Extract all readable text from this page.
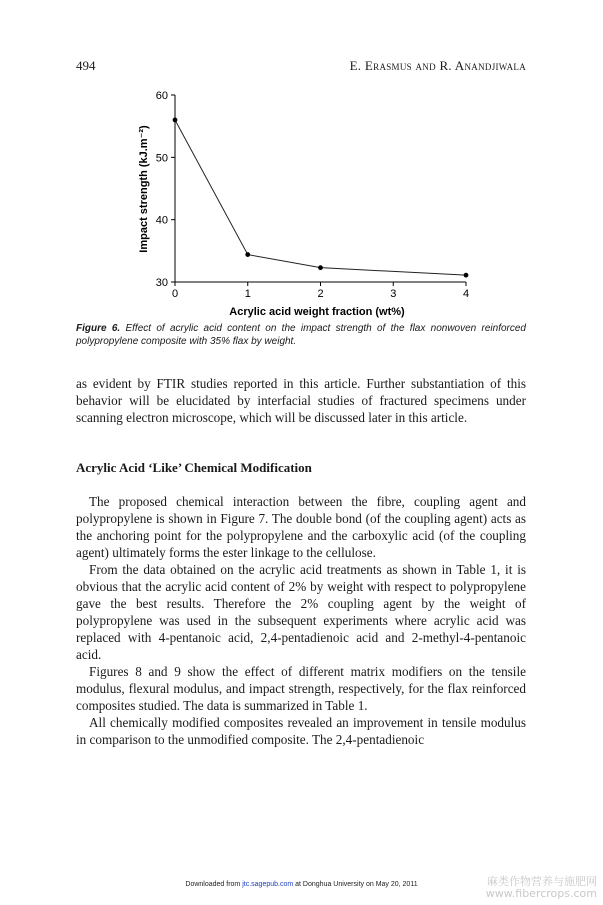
494	E. Erasmus and R. Anandjiwala
0	1	2	3	4
30
40
50
60
Acrylic acid weight fraction (wt%)
Impact strength (kJ.m⁻²)
Figure 6. Effect of acrylic acid content on the impact strength of the flax nonwoven reinforced polypropylene composite with 35% flax by weight.

as evident by FTIR studies reported in this article. Further substantiation of this behavior will be elucidated by interfacial studies of fractured specimens under scanning electron microscope, which will be discussed later in this article.

Acrylic Acid ‘Like’ Chemical Modification

The proposed chemical interaction between the fibre, coupling agent and polypropylene is shown in Figure 7. The double bond (of the coupling agent) acts as the anchoring point for the polypropylene and the carboxylic acid (of the coupling agent) ultimately forms the ester linkage to the cellulose.

From the data obtained on the acrylic acid treatments as shown in Table 1, it is obvious that the acrylic acid content of 2% by weight with respect to polypropylene gave the best results. Therefore the 2% coupling agent by the weight of polypropylene was used in the subsequent experiments where acrylic acid was replaced with 4-pentanoic acid, 2,4-pentadienoic acid and 2-methyl-4-pentanoic acid.

Figures 8 and 9 show the effect of different matrix modifiers on the tensile modulus, flexural modulus, and impact strength, respectively, for the flax reinforced composites studied. The data is summarized in Table 1.

All chemically modified composites revealed an improvement in tensile modulus in comparison to the unmodified composite. The 2,4-pentadienoic

Downloaded from jtc.sagepub.com at Donghua University on May 20, 2011	麻类作物营养与施肥网
www.fibercrops.com
